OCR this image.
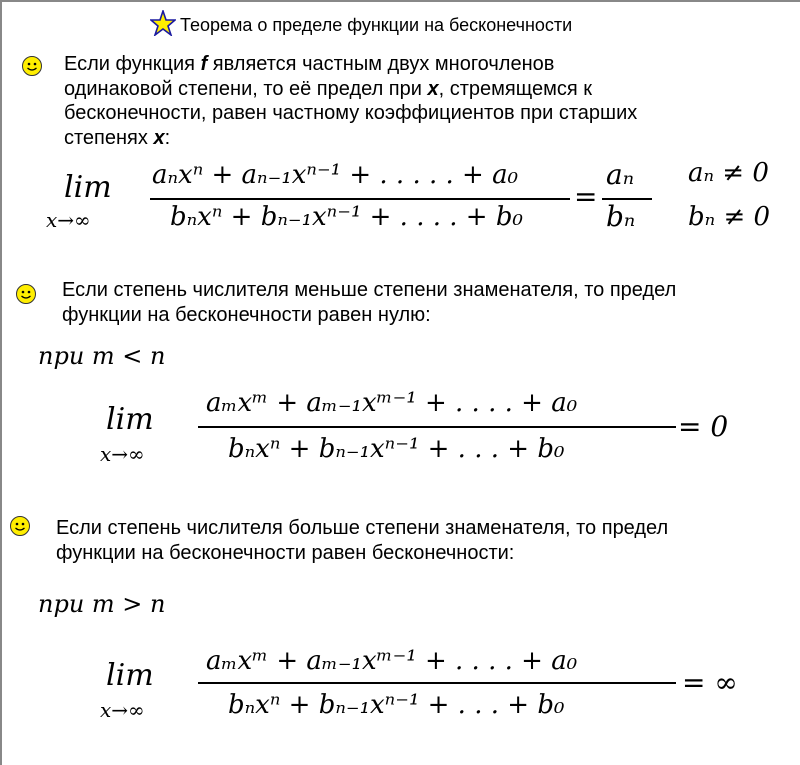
Теорема о пределе функции на бесконечности
Если функция f является частным двух многочленов
одинаковой степени, то её предел при x, стремящемся к
бесконечности, равен частному коэффициентов при старших
степенях x:
lim
x→∞
aₙxⁿ + aₙ₋₁xⁿ⁻¹ + . . . . . + a₀
bₙxⁿ + bₙ₋₁xⁿ⁻¹ + . . . . + b₀
=
aₙ
bₙ
aₙ ≠ 0
bₙ ≠ 0
Если степень числителя меньше степени знаменателя, то предел
функции на бесконечности равен нулю:
при m < n
lim
x→∞
aₘxᵐ + aₘ₋₁xᵐ⁻¹ + . . . . + a₀
bₙxⁿ + bₙ₋₁xⁿ⁻¹ + . . . + b₀
= 0
Если степень числителя больше степени знаменателя, то предел
функции на бесконечности равен бесконечности:
при m > n
lim
x→∞
aₘxᵐ + aₘ₋₁xᵐ⁻¹ + . . . . + a₀
bₙxⁿ + bₙ₋₁xⁿ⁻¹ + . . . + b₀
= ∞
